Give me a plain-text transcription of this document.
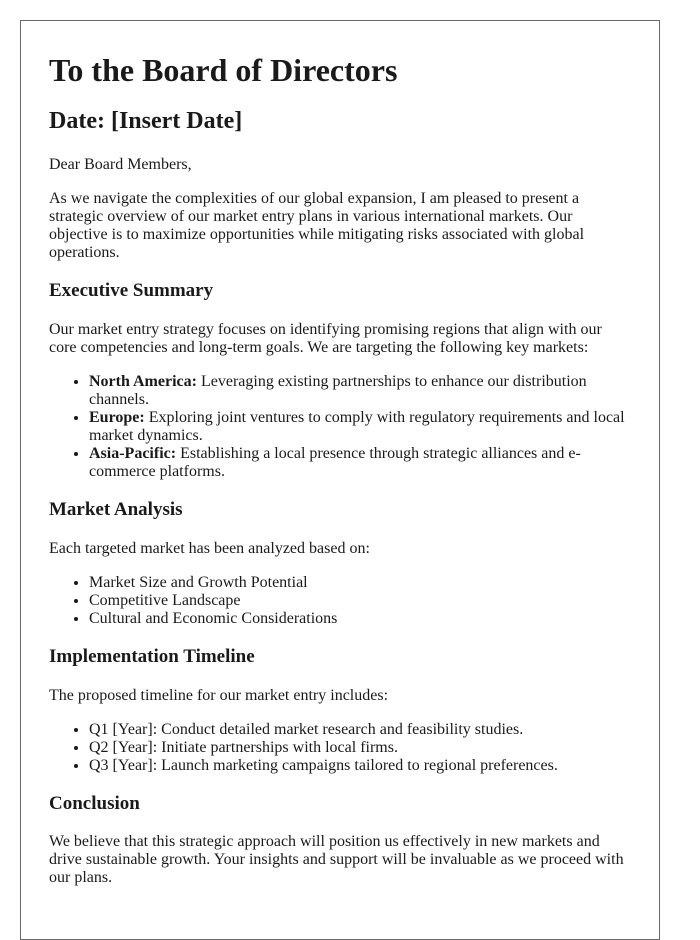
To the Board of Directors
Date: [Insert Date]

Dear Board Members,

As we navigate the complexities of our global expansion, I am pleased to present a strategic overview of our market entry plans in various international markets. Our objective is to maximize opportunities while mitigating risks associated with global operations.

Executive Summary

Our market entry strategy focuses on identifying promising regions that align with our core competencies and long-term goals. We are targeting the following key markets:

• North America: Leveraging existing partnerships to enhance our distribution channels.
• Europe: Exploring joint ventures to comply with regulatory requirements and local market dynamics.
• Asia-Pacific: Establishing a local presence through strategic alliances and e-commerce platforms.
Market Analysis

Each targeted market has been analyzed based on:

• Market Size and Growth Potential
• Competitive Landscape
• Cultural and Economic Considerations
Implementation Timeline

The proposed timeline for our market entry includes:

• Q1 [Year]: Conduct detailed market research and feasibility studies.
• Q2 [Year]: Initiate partnerships with local firms.
• Q3 [Year]: Launch marketing campaigns tailored to regional preferences.
Conclusion

We believe that this strategic approach will position us effectively in new markets and drive sustainable growth. Your insights and support will be invaluable as we proceed with our plans.
